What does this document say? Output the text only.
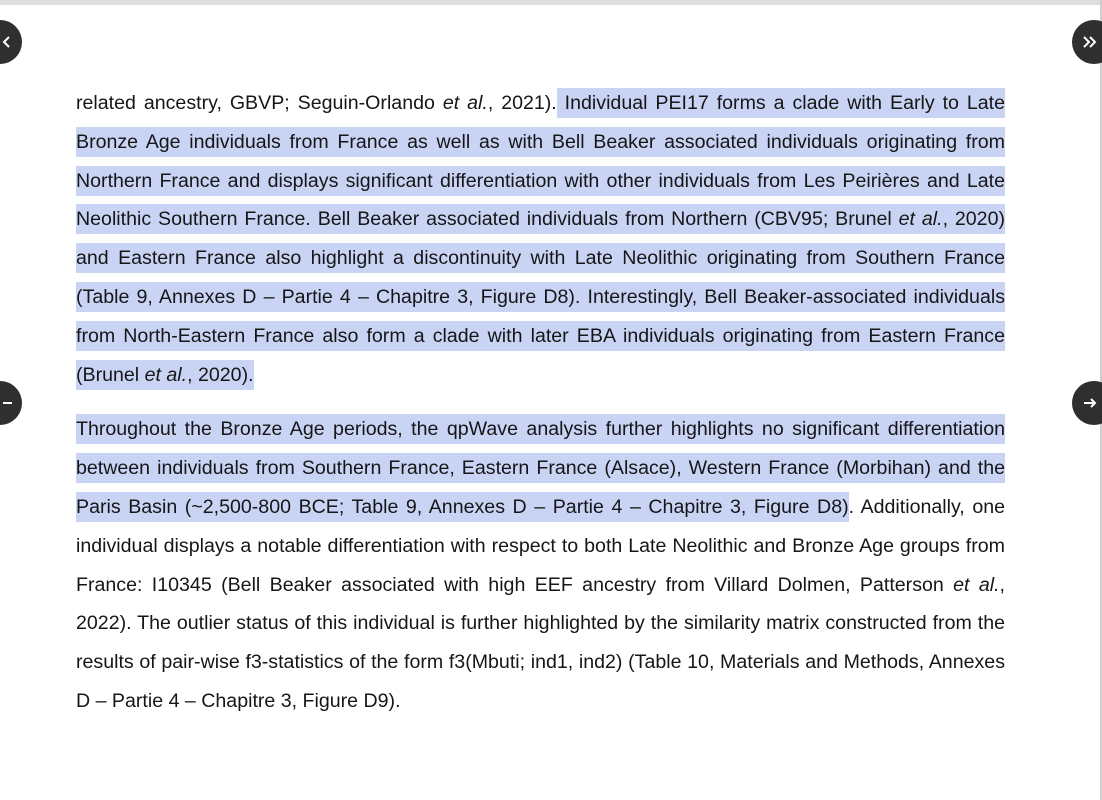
related ancestry, GBVP; Seguin-Orlando et al., 2021). Individual PEI17 forms a clade with Early to Late Bronze Age individuals from France as well as with Bell Beaker associated individuals originating from Northern France and displays significant differentiation with other individuals from Les Peirières and Late Neolithic Southern France. Bell Beaker associated individuals from Northern (CBV95; Brunel et al., 2020) and Eastern France also highlight a discontinuity with Late Neolithic originating from Southern France (Table 9, Annexes D – Partie 4 – Chapitre 3, Figure D8). Interestingly, Bell Beaker-associated individuals from North-Eastern France also form a clade with later EBA individuals originating from Eastern France (Brunel et al., 2020).

Throughout the Bronze Age periods, the qpWave analysis further highlights no significant differentiation between individuals from Southern France, Eastern France (Alsace), Western France (Morbihan) and the Paris Basin (~2,500-800 BCE; Table 9, Annexes D – Partie 4 – Chapitre 3, Figure D8). Additionally, one individual displays a notable differentiation with respect to both Late Neolithic and Bronze Age groups from France: I10345 (Bell Beaker associated with high EEF ancestry from Villard Dolmen, Patterson et al., 2022). The outlier status of this individual is further highlighted by the similarity matrix constructed from the results of pair-wise f3-statistics of the form f3(Mbuti; ind1, ind2) (Table 10, Materials and Methods, Annexes D – Partie 4 – Chapitre 3, Figure D9).
